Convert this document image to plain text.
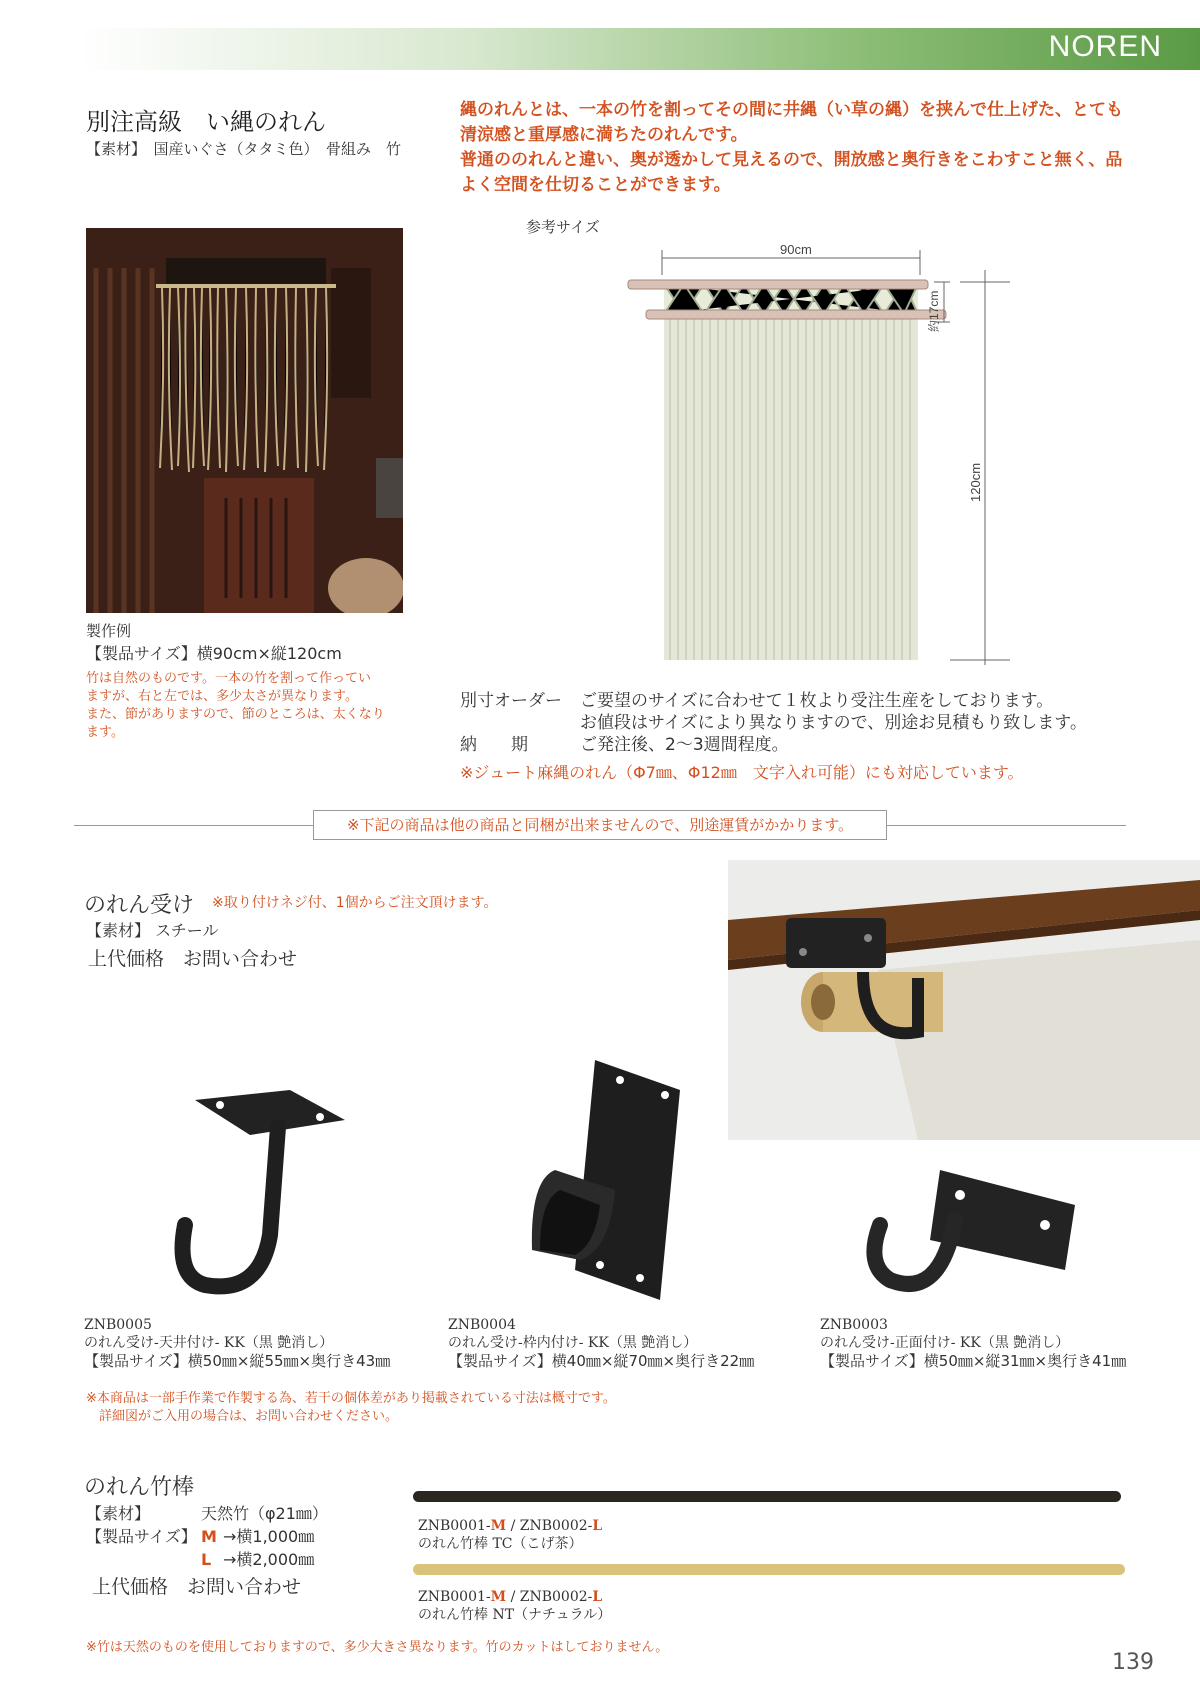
NOREN
別注高級　い縄のれん
【素材】　国産いぐさ（タタミ色）　骨組み　竹
縄のれんとは、一本の竹を割ってその間に井縄（い草の縄）を挟んで仕上げた、とても
清涼感と重厚感に満ちたのれんです。
普通ののれんと違い、奥が透かして見えるので、開放感と奥行きをこわすこと無く、品
よく空間を仕切ることができます。
製作例
【製品サイズ】横90cm×縦120cm
竹は自然のものです。一本の竹を割って作ってい
ますが、右と左では、多少太さが異なります。
また、節がありますので、節のところは、太くなり
ます。
参考サイズ
90cm
約17cm
120cm
別寸オーダー	ご要望のサイズに合わせて１枚より受注生産をしております。
お値段はサイズにより異なりますので、別途お見積もり致します。
納　　期	ご発注後、2〜3週間程度。
※ジュート麻縄のれん（Φ7㎜、Φ12㎜　文字入れ可能）にも対応しています。
※下記の商品は他の商品と同梱が出来ませんので、別途運賃がかかります。
のれん受け ※取り付けネジ付、1個からご注文頂けます。
【素材】 スチール
上代価格　お問い合わせ
ZNB0005
のれん受け-天井付け- KK（黒 艶消し）
【製品サイズ】横50㎜×縦55㎜×奥行き43㎜
ZNB0004
のれん受け-枠内付け- KK（黒 艶消し）
【製品サイズ】横40㎜×縦70㎜×奥行き22㎜
ZNB0003
のれん受け-正面付け- KK（黒 艶消し）
【製品サイズ】横50㎜×縦31㎜×奥行き41㎜
※本商品は一部手作業で作製する為、若干の個体差があり掲載されている寸法は概寸です。
　詳細図がご入用の場合は、お問い合わせください。
のれん竹棒
【素材】	天然竹（φ21㎜）
【製品サイズ】 M →横1,000㎜
L →横2,000㎜
上代価格　お問い合わせ
ZNB0001-M / ZNB0002-L
のれん竹棒 TC（こげ茶）
ZNB0001-M / ZNB0002-L
のれん竹棒 NT（ナチュラル）
※竹は天然のものを使用しておりますので、多少大きさ異なります。竹のカットはしておりません。
139
